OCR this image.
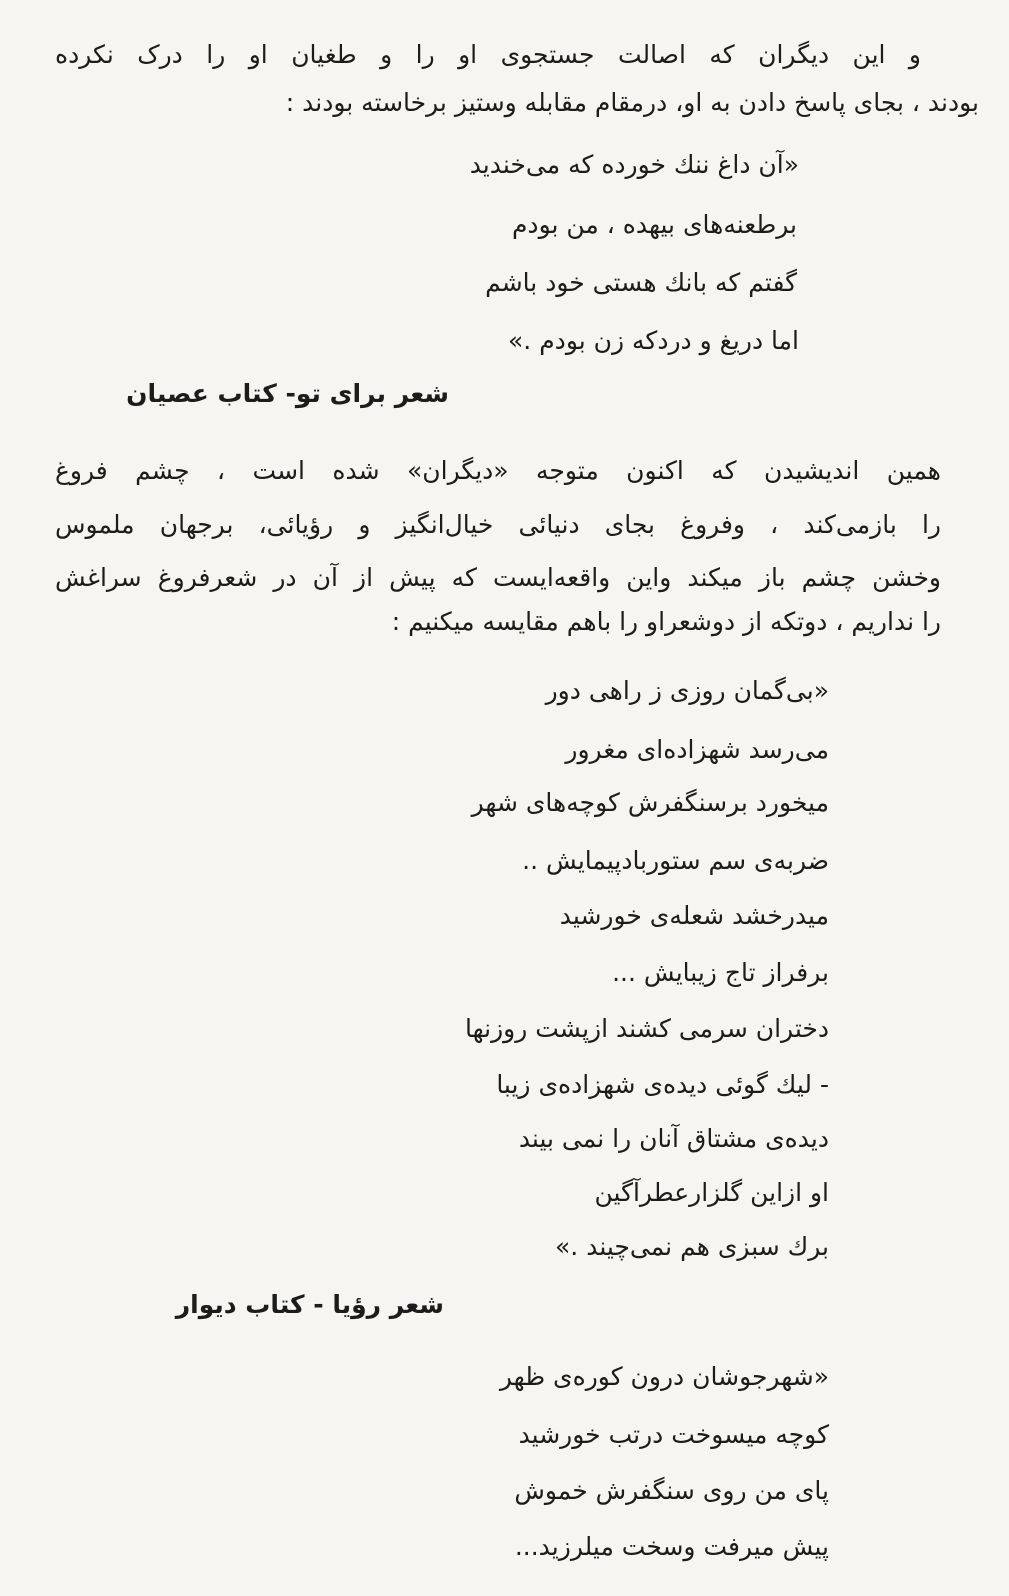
و این دیگران که اصالت جستجوی او را و طغیان او را درک نکرده
بودند ، بجای پاسخ دادن به او، درمقام مقابله وستیز برخاسته بودند :
«آن داغ ننك خورده که می‌خندید
برطعنه‌های بیهده ، من بودم
گفتم که بانك هستی خود باشم
اما دریغ و دردکه زن بودم .»
شعر برای تو- کتاب عصیان
همین اندیشیدن که اکنون متوجه «دیگران» شده است ، چشم فروغ
را بازمی‌کند ، وفروغ بجای دنیائی خیال‌انگیز و رؤیائی، برجهان ملموس
وخشن چشم باز میکند واین واقعه‌ایست که پیش از آن در شعرفروغ سراغش
را نداریم ، دوتکه از دوشعراو را باهم مقایسه میکنیم :
«بی‌گمان روزی ز راهی دور
می‌رسد شهزاده‌ای مغرور
میخورد برسنگفرش کوچه‌های شهر
ضربه‌ی سم ستوربادپیمایش ..
میدرخشد شعله‌ی خورشید
برفراز تاج زیبایش ...
دختران سرمی کشند ازپشت روزنها
- لیك گوئی دیده‌ی شهزاده‌ی زیبا
دیده‌ی مشتاق آنان را نمی بیند
او ازاین گلزارعطرآگین
برك سبزی هم نمی‌چیند .»
شعر رؤیا - کتاب دیوار
«شهرجوشان درون کوره‌ی ظهر
کوچه میسوخت درتب خورشید
پای من روی سنگفرش خموش
پیش میرفت وسخت میلرزید...
